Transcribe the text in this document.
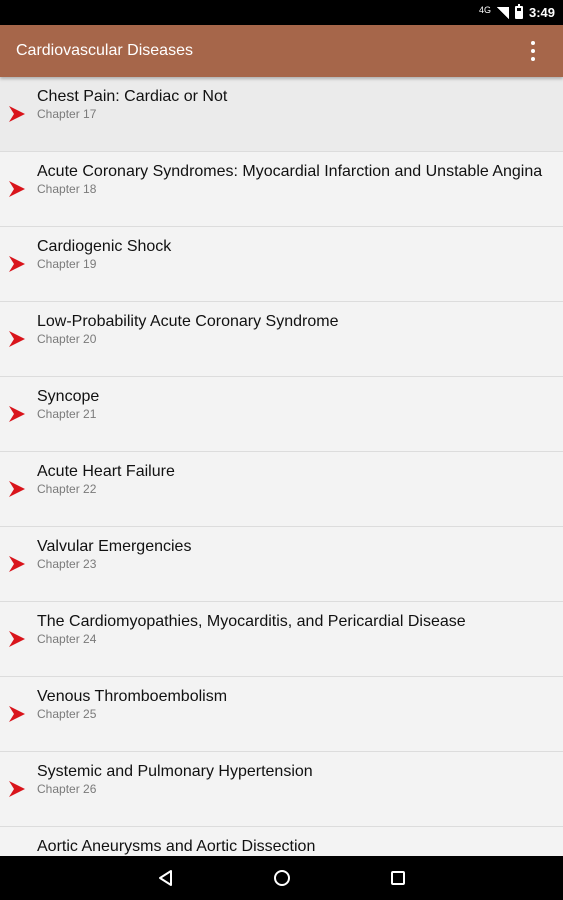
4G	3:49
Cardiovascular Diseases
Chest Pain: Cardiac or Not
Chapter 17
Acute Coronary Syndromes: Myocardial Infarction and Unstable Angina
Chapter 18
Cardiogenic Shock
Chapter 19
Low-Probability Acute Coronary Syndrome
Chapter 20
Syncope
Chapter 21
Acute Heart Failure
Chapter 22
Valvular Emergencies
Chapter 23
The Cardiomyopathies, Myocarditis, and Pericardial Disease
Chapter 24
Venous Thromboembolism
Chapter 25
Systemic and Pulmonary Hypertension
Chapter 26
Aortic Aneurysms and Aortic Dissection
